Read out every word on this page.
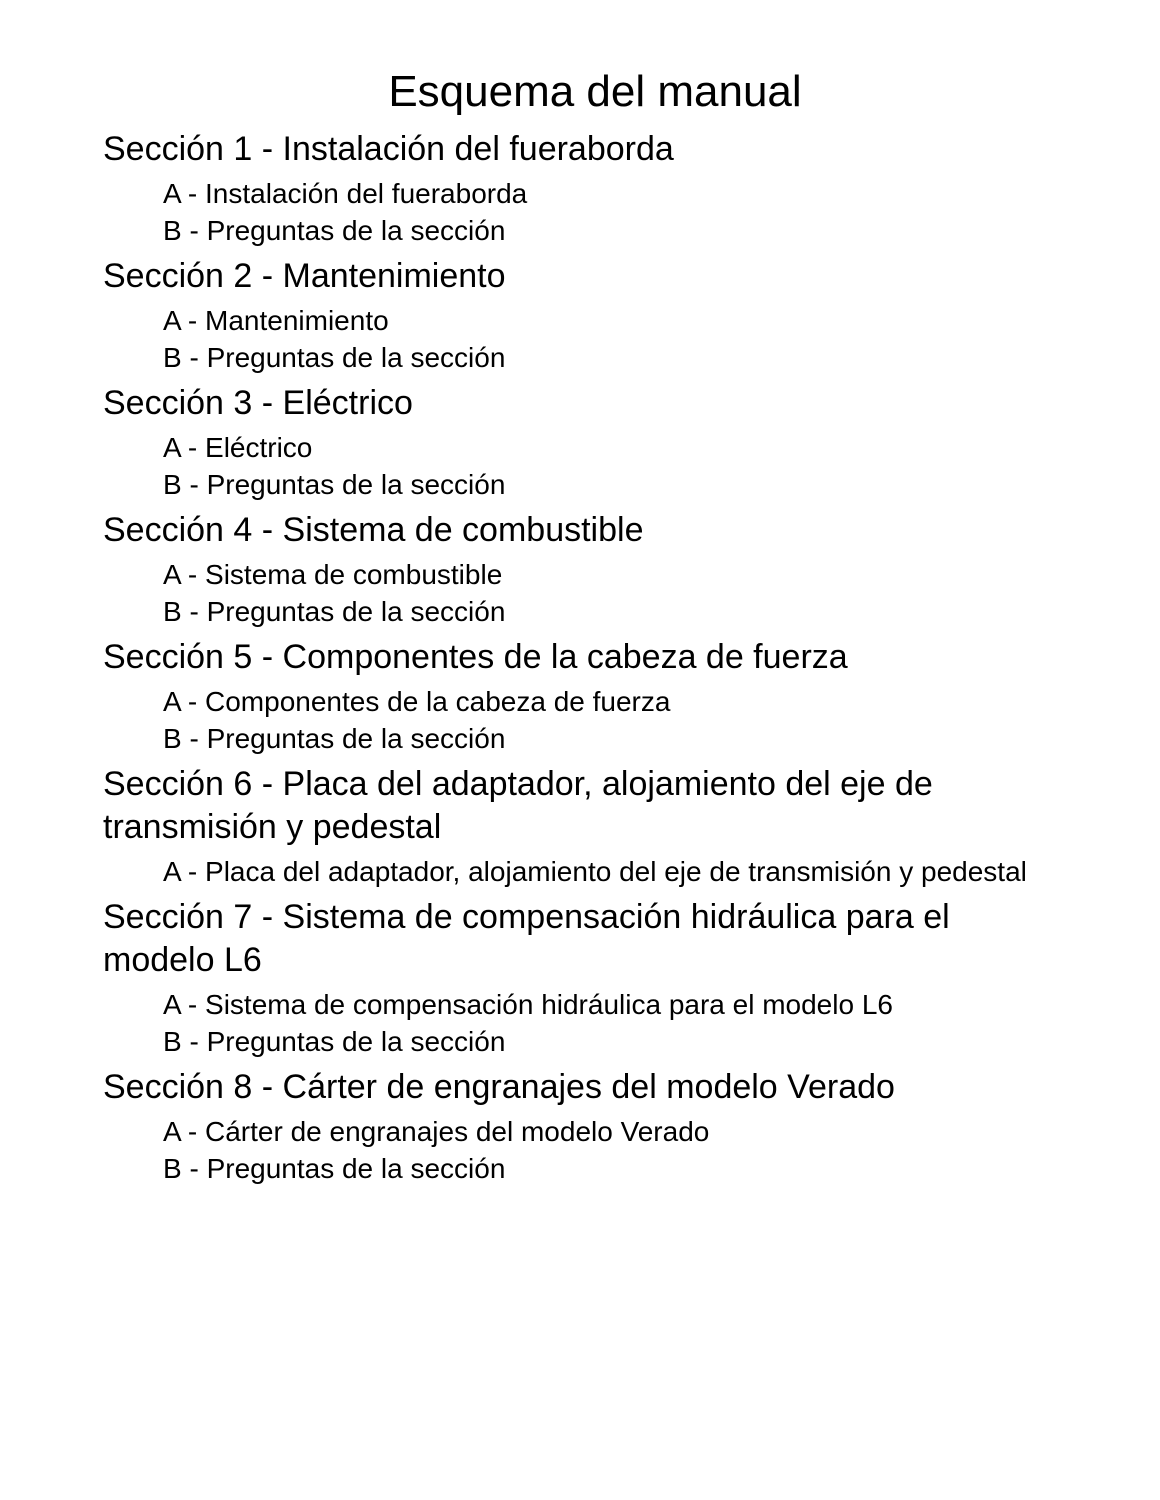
Esquema del manual
Sección 1 - Instalación del fueraborda
A - Instalación del fueraborda
B - Preguntas de la sección
Sección 2 - Mantenimiento
A - Mantenimiento
B - Preguntas de la sección
Sección 3 - Eléctrico
A - Eléctrico
B - Preguntas de la sección
Sección 4 - Sistema de combustible
A - Sistema de combustible
B - Preguntas de la sección
Sección 5 - Componentes de la cabeza de fuerza
A - Componentes de la cabeza de fuerza
B - Preguntas de la sección
Sección 6 - Placa del adaptador, alojamiento del eje de transmisión y pedestal
A - Placa del adaptador, alojamiento del eje de transmisión y pedestal
Sección 7 - Sistema de compensación hidráulica para el modelo L6
A - Sistema de compensación hidráulica para el modelo L6
B - Preguntas de la sección
Sección 8 - Cárter de engranajes del modelo Verado
A - Cárter de engranajes del modelo Verado
B - Preguntas de la sección
